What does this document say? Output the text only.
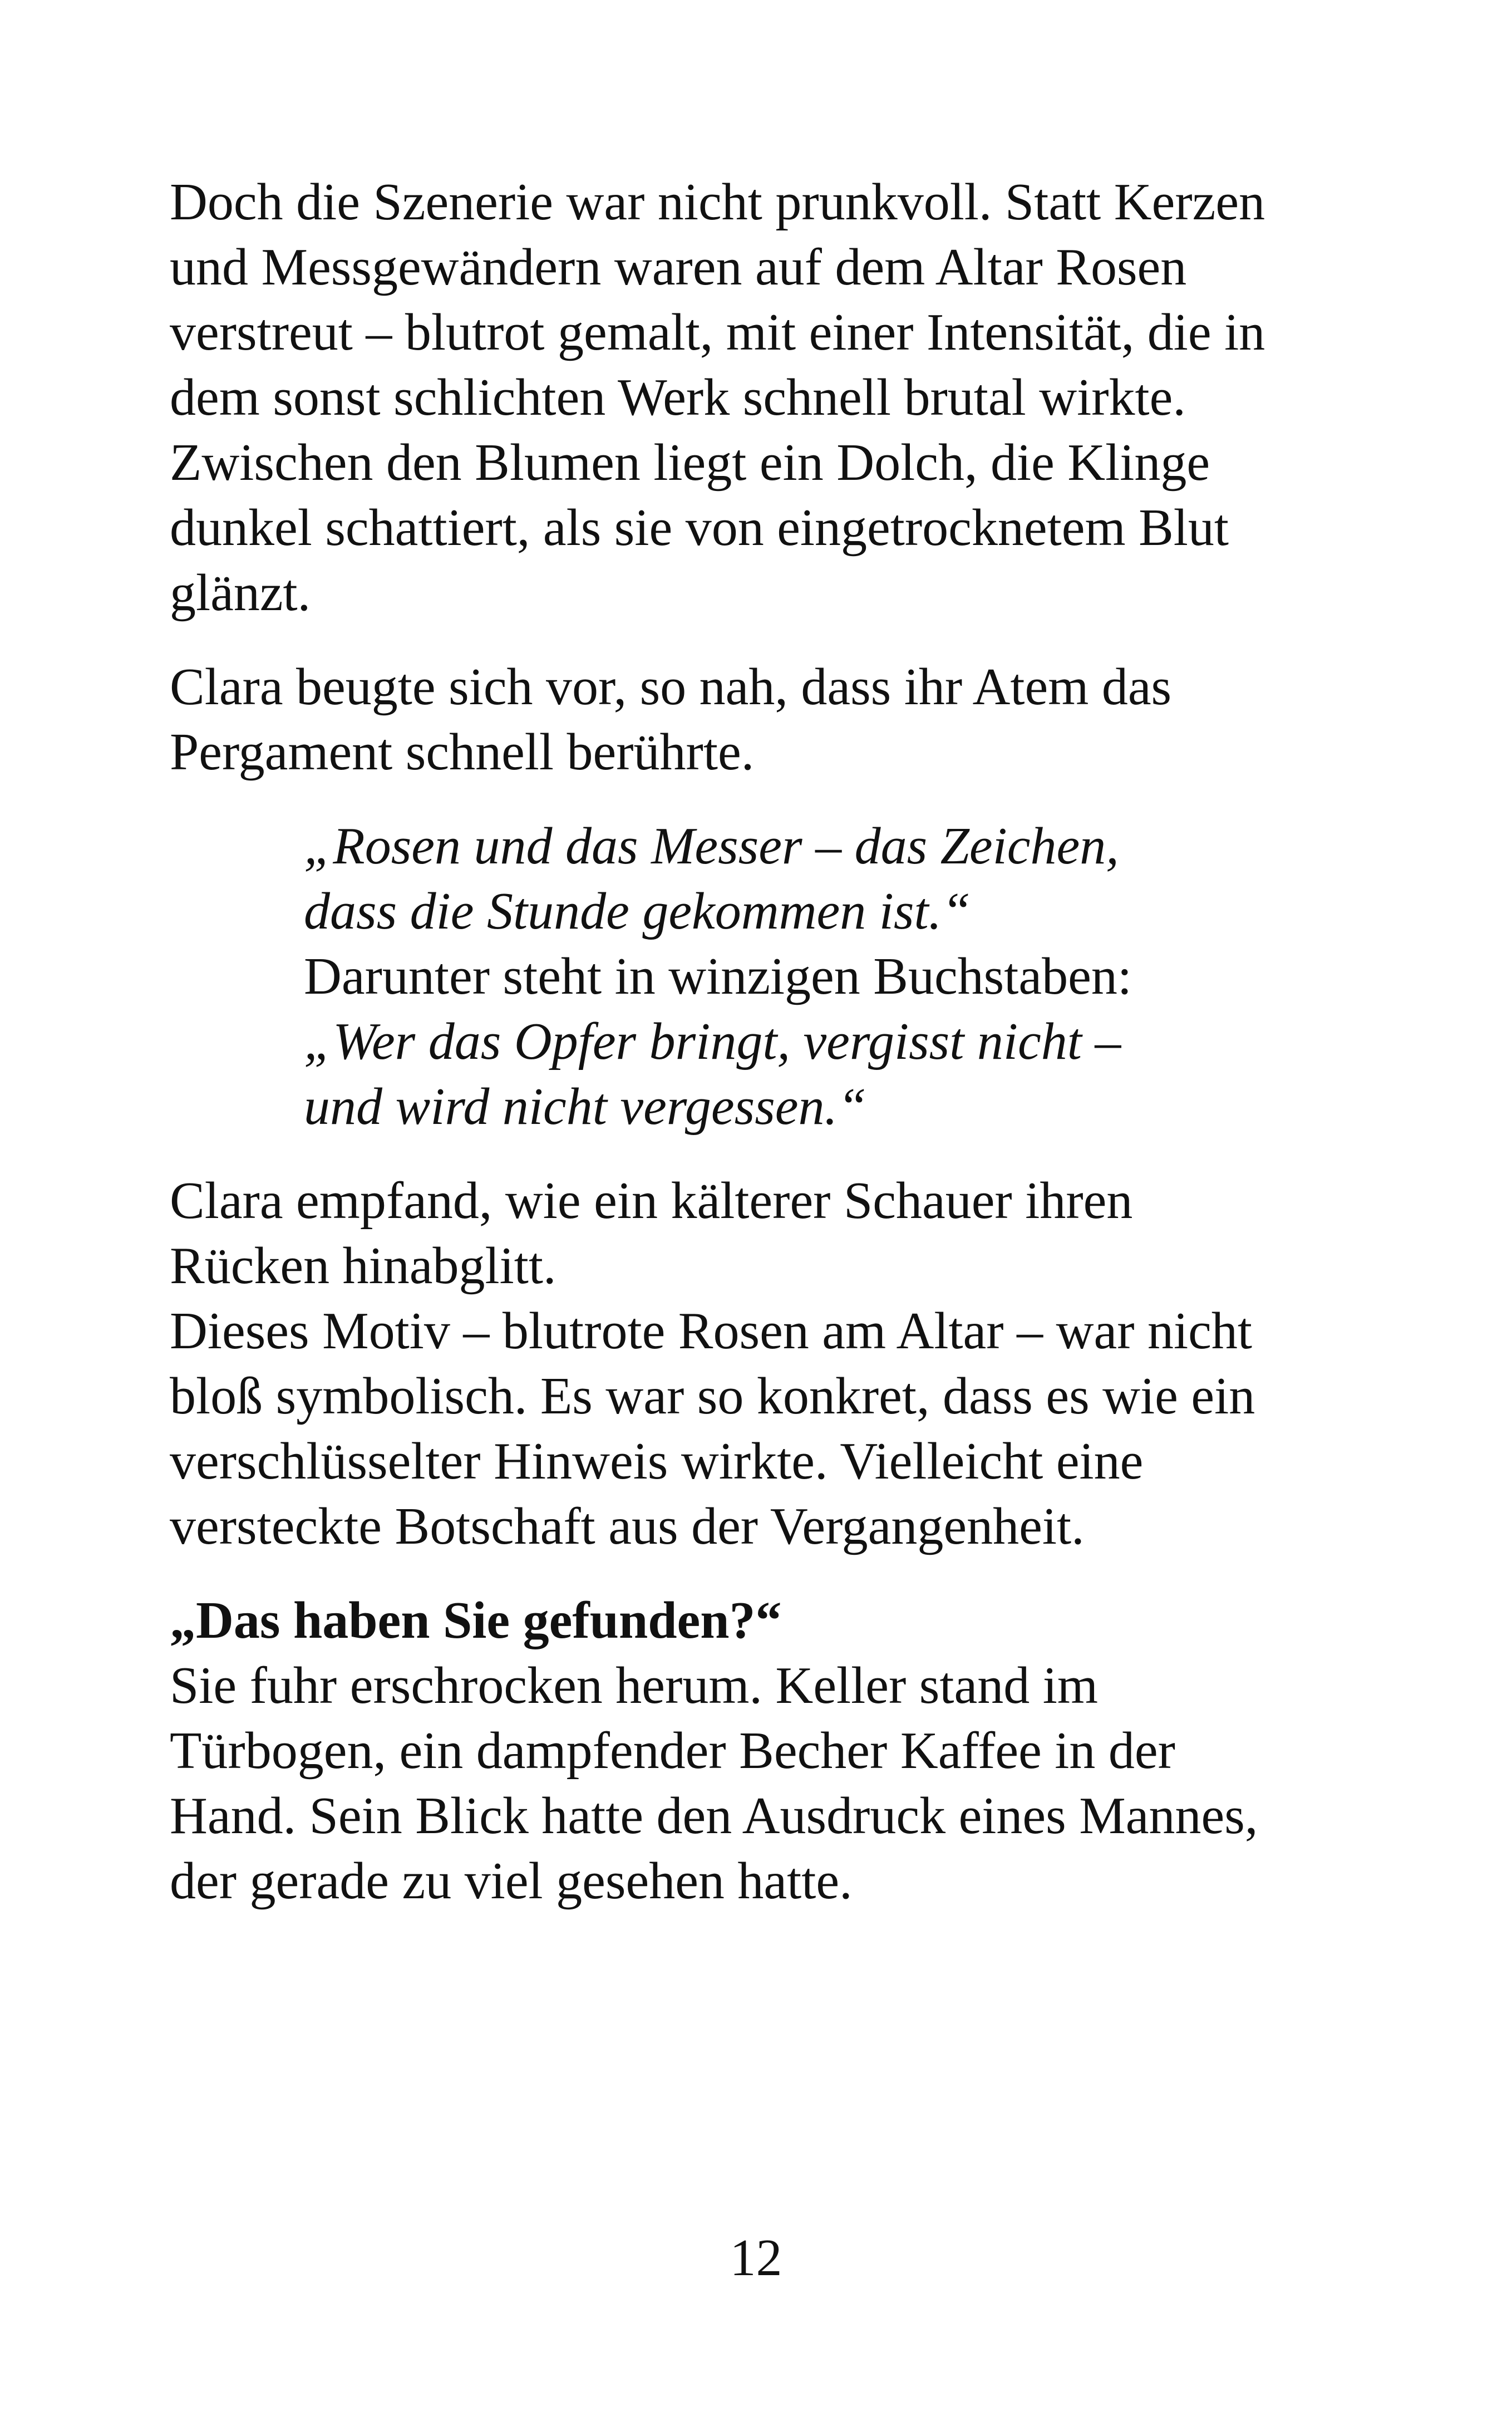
Doch die Szenerie war nicht prunkvoll. Statt Kerzen
und Messgewändern waren auf dem Altar Rosen
verstreut – blutrot gemalt, mit einer Intensität, die in
dem sonst schlichten Werk schnell brutal wirkte.
Zwischen den Blumen liegt ein Dolch, die Klinge
dunkel schattiert, als sie von eingetrocknetem Blut
glänzt.

Clara beugte sich vor, so nah, dass ihr Atem das
Pergament schnell berührte.

„Rosen und das Messer – das Zeichen,
dass die Stunde gekommen ist.“

Darunter steht in winzigen Buchstaben:

„Wer das Opfer bringt, vergisst nicht –
und wird nicht vergessen.“

Clara empfand, wie ein kälterer Schauer ihren
Rücken hinabglitt.
Dieses Motiv – blutrote Rosen am Altar – war nicht
bloß symbolisch. Es war so konkret, dass es wie ein
verschlüsselter Hinweis wirkte. Vielleicht eine
versteckte Botschaft aus der Vergangenheit.

„Das haben Sie gefunden?“

Sie fuhr erschrocken herum. Keller stand im
Türbogen, ein dampfender Becher Kaffee in der
Hand. Sein Blick hatte den Ausdruck eines Mannes,
der gerade zu viel gesehen hatte.

12
